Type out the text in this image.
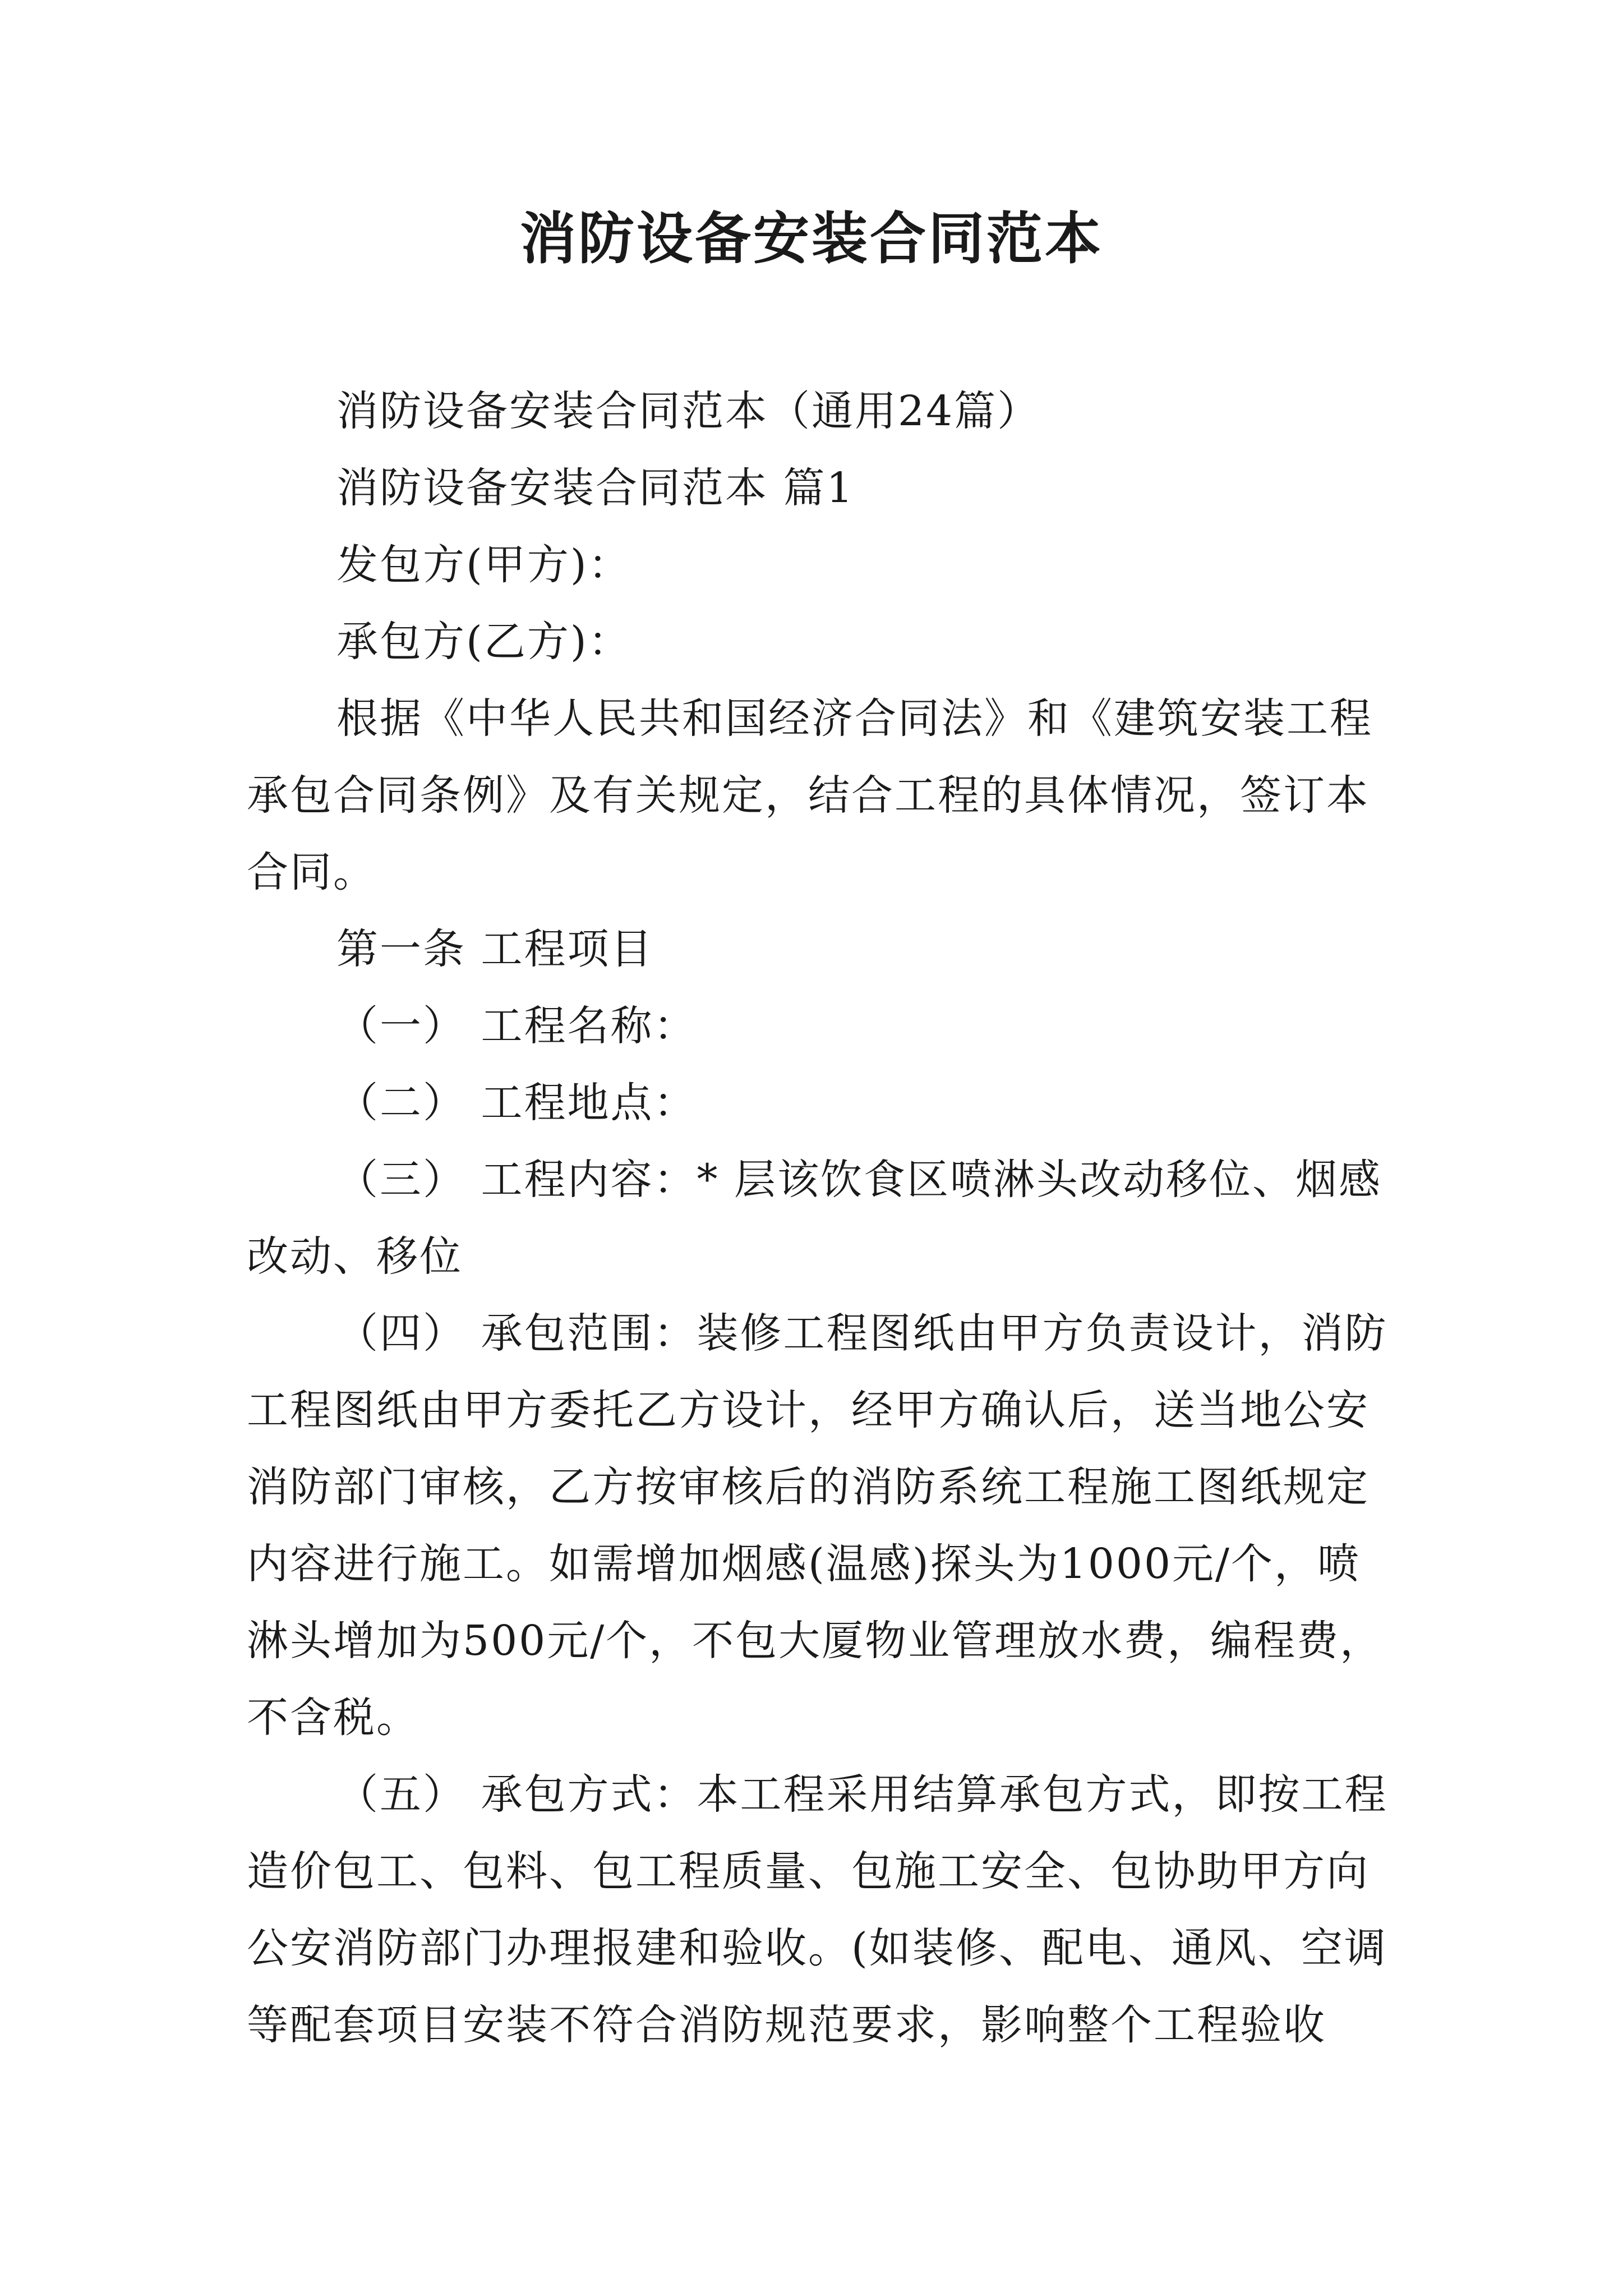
消防设备安装合同范本

消防设备安装合同范本（通用24篇）

消防设备安装合同范本 篇1

发包方(甲方)：

承包方(乙方)：

根据《中华人民共和国经济合同法》和《建筑安装工程承包合同条例》及有关规定，结合工程的具体情况，签订本合同。

第一条 工程项目

（一） 工程名称：

（二） 工程地点：

（三） 工程内容：* 层该饮食区喷淋头改动移位、烟感改动、移位

（四） 承包范围：装修工程图纸由甲方负责设计，消防工程图纸由甲方委托乙方设计，经甲方确认后，送当地公安消防部门审核，乙方按审核后的消防系统工程施工图纸规定内容进行施工。如需增加烟感(温感)探头为1000元/个，喷淋头增加为500元/个，不包大厦物业管理放水费，编程费，不含税。

（五） 承包方式：本工程采用结算承包方式，即按工程造价包工、包料、包工程质量、包施工安全、包协助甲方向公安消防部门办理报建和验收。(如装修、配电、通风、空调等配套项目安装不符合消防规范要求，影响整个工程验收
